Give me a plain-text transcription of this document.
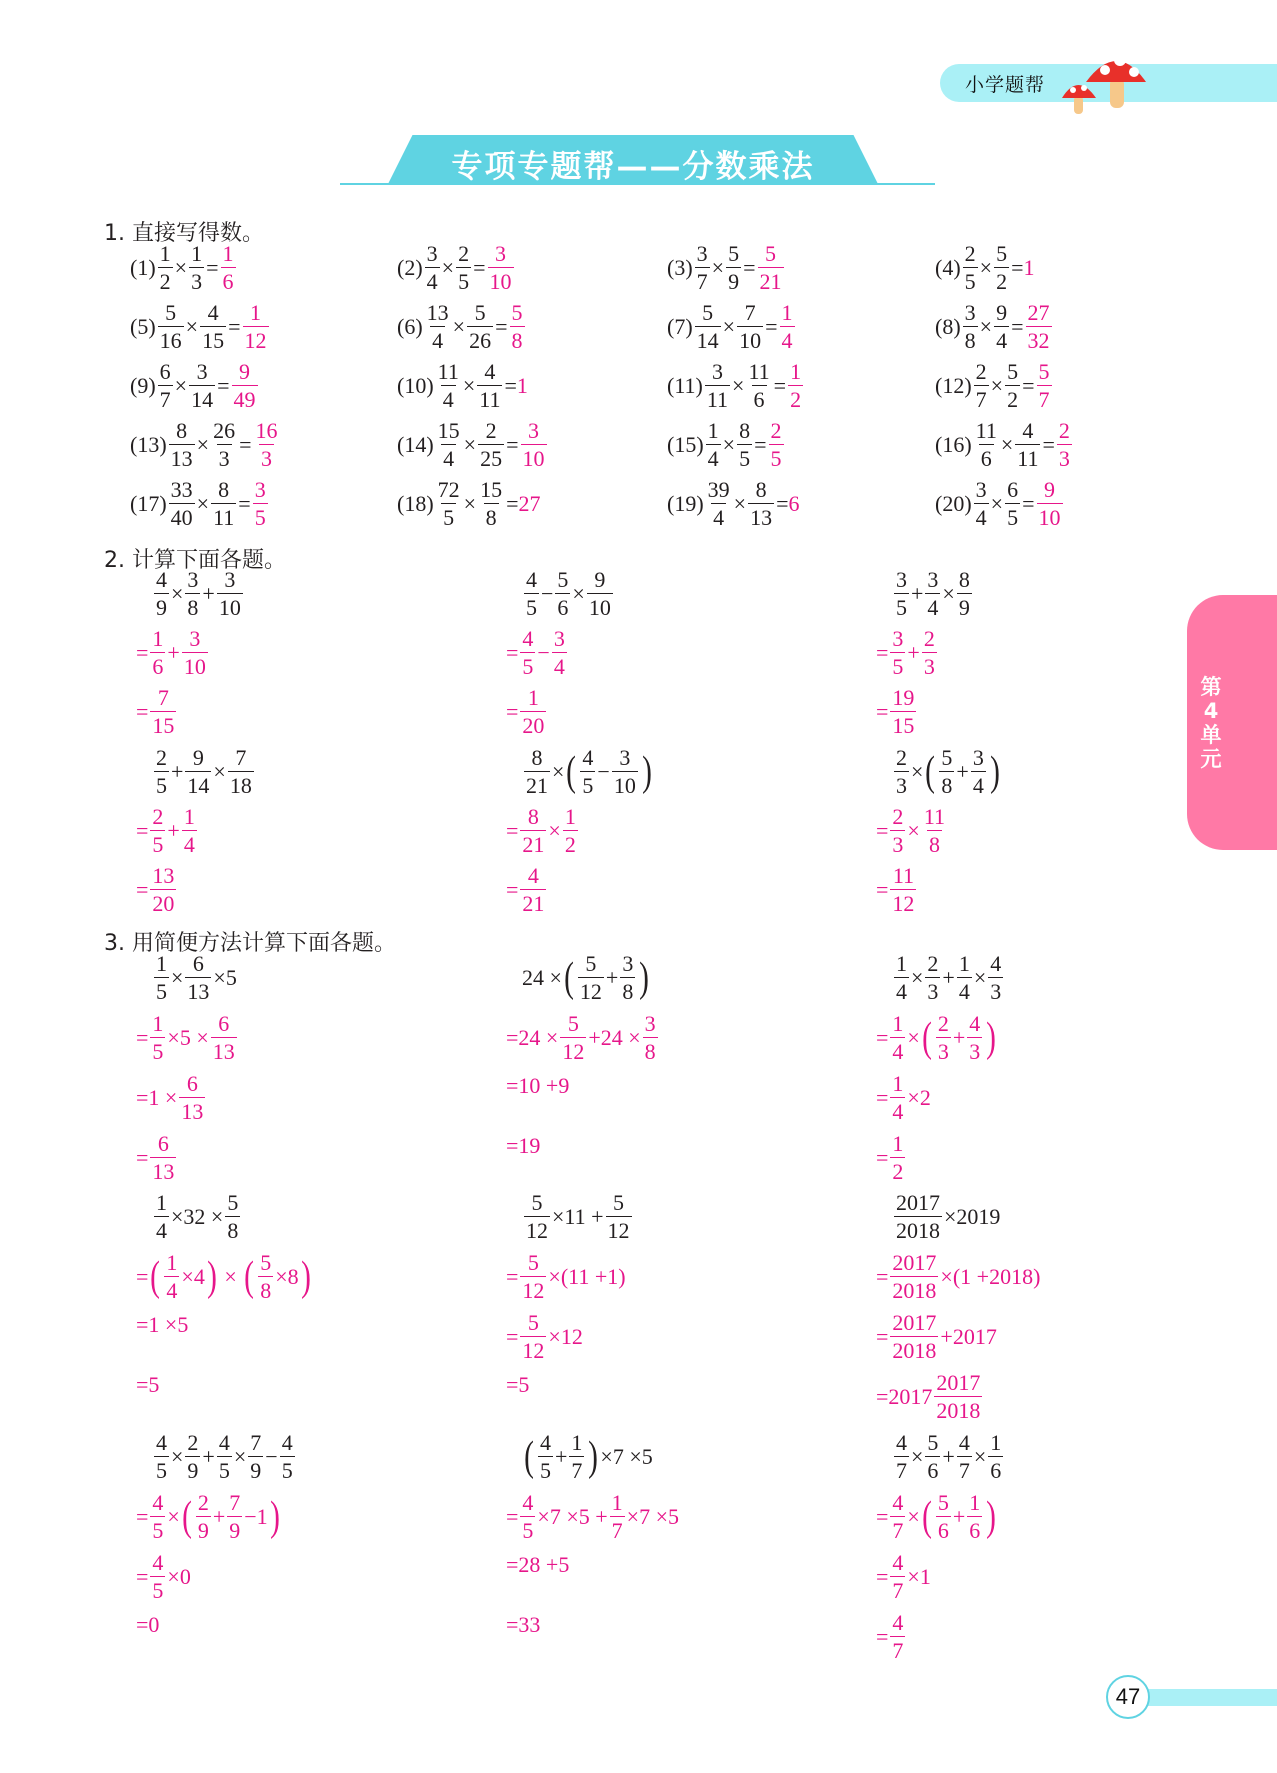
小学题帮
专项专题帮——分数乘法
第
4
单
元
47
1. 直接写得数。
2. 计算下面各题。
3. 用简便方法计算下面各题。
$(1) \frac{1}{2} \times \frac{1}{3} = \frac{1}{6}$	$(2) \frac{3}{4} \times \frac{2}{5} = \frac{3}{10}$	$(3) \frac{3}{7} \times \frac{5}{9} = \frac{5}{21}$	$(4) \frac{2}{5} \times \frac{5}{2} = 1$
$(5) \frac{5}{16} \times \frac{4}{15} = \frac{1}{12}$	$(6) \frac{13}{4} \times \frac{5}{26} = \frac{5}{8}$	$(7) \frac{5}{14} \times \frac{7}{10} = \frac{1}{4}$	$(8) \frac{3}{8} \times \frac{9}{4} = \frac{27}{32}$
$(9) \frac{6}{7} \times \frac{3}{14} = \frac{9}{49}$	$(10) \frac{11}{4} \times \frac{4}{11} = 1$	$(11) \frac{3}{11} \times \frac{11}{6} = \frac{1}{2}$	$(12) \frac{2}{7} \times \frac{5}{2} = \frac{5}{7}$
$(13) \frac{8}{13} \times \frac{26}{3} = \frac{16}{3}$	$(14) \frac{15}{4} \times \frac{2}{25} = \frac{3}{10}$	$(15) \frac{1}{4} \times \frac{8}{5} = \frac{2}{5}$	$(16) \frac{11}{6} \times \frac{4}{11} = \frac{2}{3}$
$(17) \frac{33}{40} \times \frac{8}{11} = \frac{3}{5}$	$(18) \frac{72}{5} \times \frac{15}{8} = 27$	$(19) \frac{39}{4} \times \frac{8}{13} = 6$	$(20) \frac{3}{4} \times \frac{6}{5} = \frac{9}{10}$
$\frac{4}{9} \times \frac{3}{8} + \frac{3}{10}$
= $\frac{1}{6} + \frac{3}{10}$
= $\frac{7}{15}$
$\frac{4}{5} - \frac{5}{6} \times \frac{9}{10}$
= $\frac{4}{5} - \frac{3}{4}$
= $\frac{1}{20}$
$\frac{3}{5} + \frac{3}{4} \times \frac{8}{9}$
= $\frac{3}{5} + \frac{2}{3}$
= $\frac{19}{15}$
$\frac{2}{5} + \frac{9}{14} \times \frac{7}{18}$
= $\frac{2}{5} + \frac{1}{4}$
= $\frac{13}{20}$
$\frac{8}{21}$ × ( $\frac{4}{5} - \frac{3}{10}$ )
= $\frac{8}{21} \times \frac{1}{2}$
= $\frac{4}{21}$
$\frac{2}{3}$ × ( $\frac{5}{8} + \frac{3}{4}$ )
= $\frac{2}{3} \times \frac{11}{8}$
= $\frac{11}{12}$
$\frac{1}{5} \times \frac{6}{13} \times 5$
= $\frac{1}{5} \times 5 \times \frac{6}{13}$
$=1 \times \frac{6}{13}$
= $\frac{6}{13}$
24 × ( $\frac{5}{12} + \frac{3}{8}$ )
$=24 \times \frac{5}{12} +24 \times \frac{3}{8}$
=10 +9
=19
$\frac{1}{4} \times \frac{2}{3} + \frac{1}{4} \times \frac{4}{3}$
= $\frac{1}{4}$ × ( $\frac{2}{3} + \frac{4}{3}$ )
= $\frac{1}{4} \times 2$
= $\frac{1}{2}$
$\frac{1}{4} \times 32 \times \frac{5}{8}$
= ( $\frac{1}{4} \times 4$ ) × ( $\frac{5}{8} \times 8$ )
=1 ×5
=5
$\frac{5}{12} \times 11 + \frac{5}{12}$
= $\frac{5}{12} \times(11 +1)$
= $\frac{5}{12} \times 12$
=5
$\frac{2017}{2018} \times 2019$
= $\frac{2017}{2018} \times(1 +2018)$
= $\frac{2017}{2018} +2017$
$=2017 \frac{2017}{2018}$
$\frac{4}{5} \times \frac{2}{9} + \frac{4}{5} \times \frac{7}{9} - \frac{4}{5}$
= $\frac{4}{5}$ × ( $\frac{2}{9} + \frac{7}{9} -1$ )
= $\frac{4}{5} \times 0$
=0
( $\frac{4}{5} + \frac{1}{7}$ ) ×7 ×5
= $\frac{4}{5} \times 7 \times 5 + \frac{1}{7} \times 7 \times 5$
=28 +5
=33
$\frac{4}{7} \times \frac{5}{6} + \frac{4}{7} \times \frac{1}{6}$
= $\frac{4}{7}$ × ( $\frac{5}{6} + \frac{1}{6}$ )
= $\frac{4}{7} \times 1$
= $\frac{4}{7}$
